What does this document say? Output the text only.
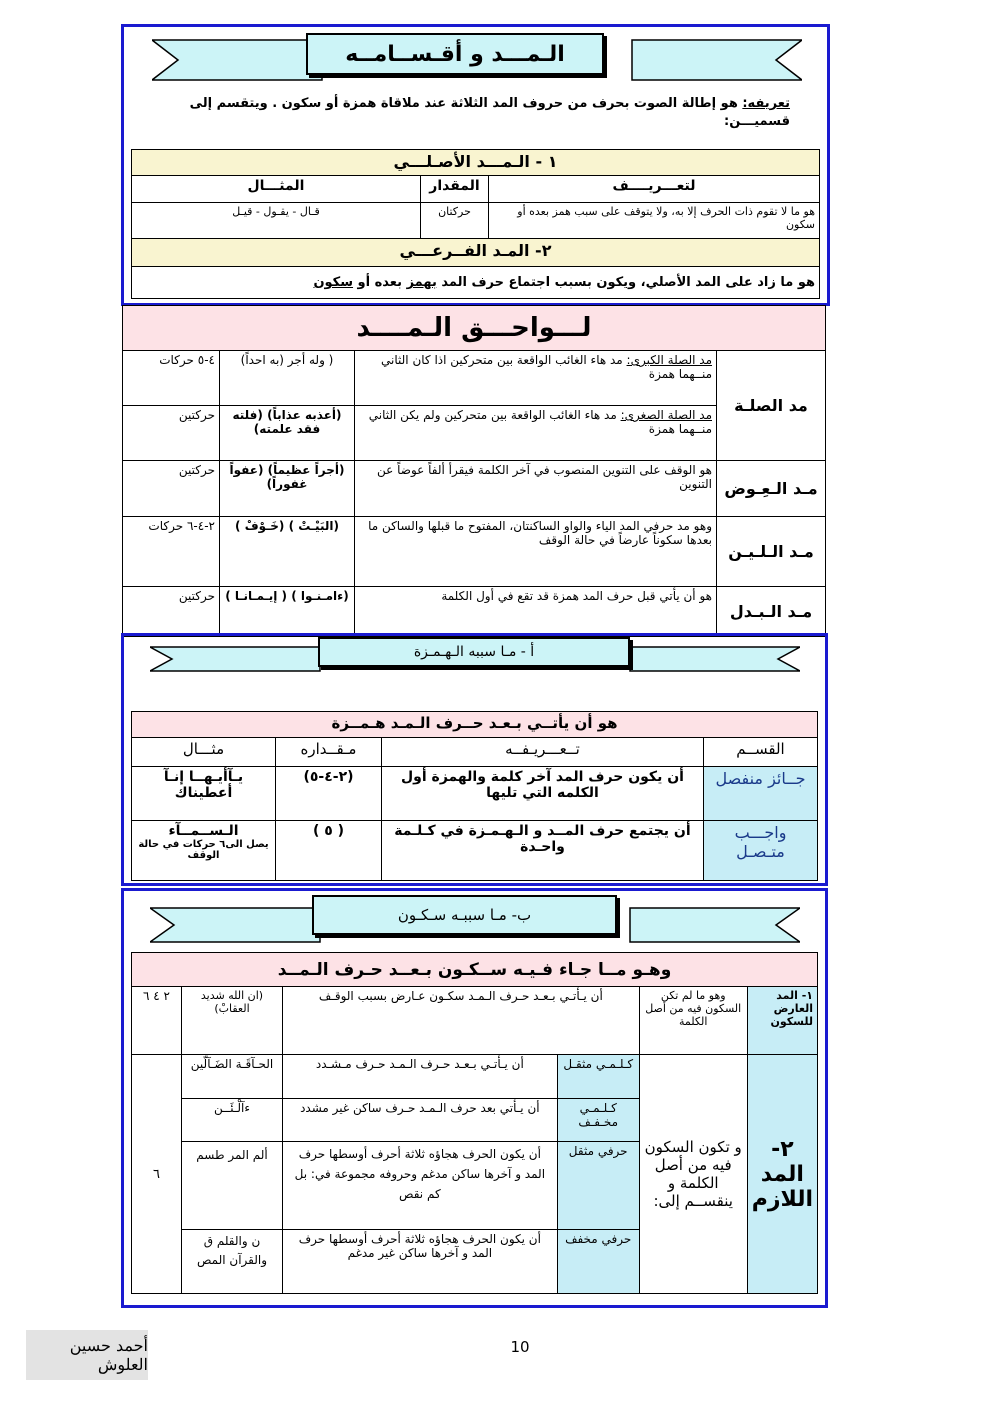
الـمـــد و أقـســامــه
تعريفه: هو إطالة الصوت بحرف من حروف المد الثلاثة عند ملاقاة همزة أو سكون . ويتقسم إلى قسميـــن:
١ - الـمـــد الأصـلـــي		
لتعـــريــــف	المقدار	المثـــال
هو ما لا تقوم ذات الحرف إلا به، ولا يتوقف على سبب همز بعده أو سكون	حركتان	قـال - يقـول - قيـل
٢- المـد الفــرعـــي		
هو ما زاد على المد الأصلي، ويكون بسبب اجتماع حرف المد بهمز بعده أو سكون		
لـــواحـــق الـمــــد			
مد الصلـة	مد الصلة الكبرى: مد هاء الغائب الواقعة بين متحركين اذا كان الثاني منــهما همزة	( وله أجر (به احداً)	٤-٥ حركات
	مد الصلة الصغرى: مد هاء الغائب الواقعة بين متحركين ولم يكن الثاني منــهما همزة	(أعذبه عذاباً) (فلته فقد علمته)	حركتين
مـد الـعِـوض	هو الوقف على التنوين المنصوب في آخر الكلمة فيقرأ ألفاً عوضاً عن التنوين	(أجراً عظيماً) (عفواً غفوراً)	حركتين
مـد الـلـيـن	وهو مد حرفي المد الياء والواو الساكنتان، المفتوح ما قبلها والساكن ما بعدها سكوناً عارضاً في حالة الوقف	(البَيْـتْ ) (خَـوْفْ )	٢-٤-٦ حركات
مـد الـبـدل	هو أن يأتي قبل حرف المد همزة قد تقع في أول الكلمة	(ءامـنـوا ) ( إيـمـانـا )	حركتين
أ - مـا سببه الـهـمـزة
هو أن يأتــي بـعـد حــرف الـمـد هـمــزة			
القســم	تــعـــريـفــه	مـقــداره	مثـــال
جــائز منفصل	أن يكون حرف المد آخر كلمة والهمزة أول الكلمه التي تليها	(٢-٤-٥)	يـآأيـهــا إنـآ أعطيناك
واجـــب متـصـل	أن يجتمع حرف المــد و الـهـمـزة في كـلـمة واحـدة	( ٥ )	الـســمــآء
يصل الى٦ حركات في حالة الوقف
ب- مـا سببـه سـكـون
وهـو مــا جـاء فـيـه ســكـون بـعــد حـرف الـمــد					
١- المد العارض للسكون	وهو ما لم تكن السكون فيه من أصل الكلمة	أن يـأتـي بـعـد حـرف الـمـد سكـون عـارض بسبب الوقـف		(ان الله شديد العقابْ)	٢ ٤ ٦
٢- المد اللازم	و تكون السكون فيه من أصل الكلمة و ينقســم إلى:	كـلـمـي مثقـل	أن يـأتـي بـعـد حـرف الـمـد حـرف مـشـدد	الحـآقَـة الضَـآلّين	٦
		كـلـمـي مخـفـف	أن يـأتي بعد حرف الـمـد حـرف ساكن غير مشدد	ءآلْـئَــن	
		حرفي مثقل	أن يكون الحرف هجاؤه ثلاثة أحرف أوسطها حرف المد و آخرها ساكن مدغم وحروفه مجموعة في: بل كم نقص	ألم المر طسم	
		حرفي مخفف	أن يكون الحرف هجاؤه ثلاثة أحرف أوسطها حرف المد و آخرها ساكن غير مدغم	ن والقلم ق والقرآن المص	
10
أحمد حسين العلوش
